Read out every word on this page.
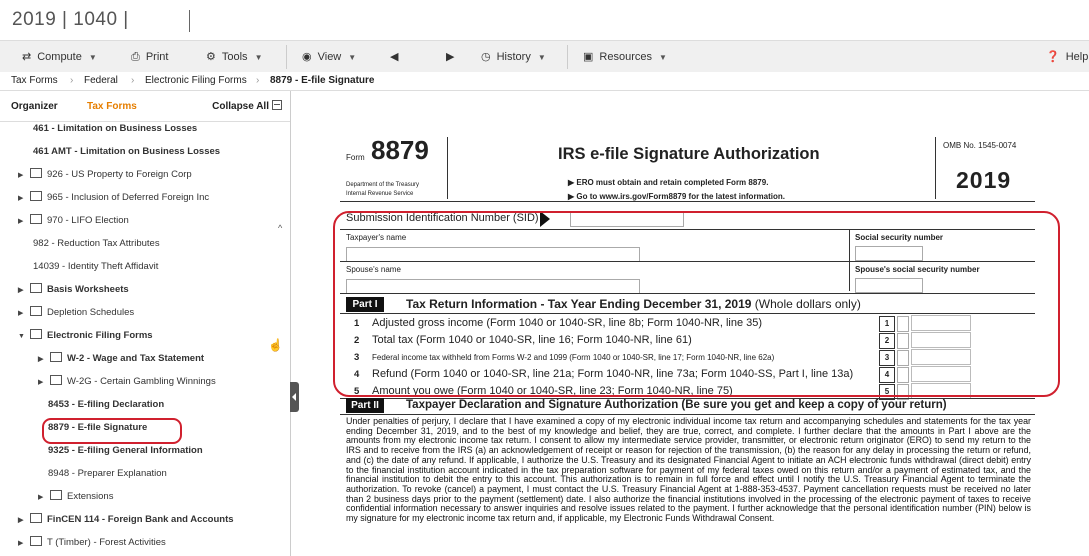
2019 | 1040 |
⇄ Compute ▼	⎙ Print	⚙ Tools ▼	◉ View ▼	◀	▶	◷ History ▼	▣ Resources ▼	❓ Help
Tax Forms › Federal › Electronic Filing Forms › 8879 - E-file Signature
Organizer	Tax Forms	Collapse All
461 - Limitation on Business Losses
461 AMT - Limitation on Business Losses
▶ 926 - US Property to Foreign Corp
▶ 965 - Inclusion of Deferred Foreign Inc
▶ 970 - LIFO Election
982 - Reduction Tax Attributes
14039 - Identity Theft Affidavit
▶ Basis Worksheets
▶ Depletion Schedules
▼ Electronic Filing Forms
▶ W-2 - Wage and Tax Statement
▶ W-2G - Certain Gambling Winnings
8453 - E-filing Declaration
8879 - E-file Signature
9325 - E-filing General Information
8948 - Preparer Explanation
▶ Extensions
▶ FinCEN 114 - Foreign Bank and Accounts
▶ T (Timber) - Forest Activities
^
☝
Form 8879
Department of the Treasury
Internal Revenue Service
IRS e-file Signature Authorization
▶ ERO must obtain and retain completed Form 8879.
▶ Go to www.irs.gov/Form8879 for the latest information.
OMB No. 1545-0074
2019
Submission Identification Number (SID)
Taxpayer's name	Social security number
Spouse's name	Spouse's social security number
Part I	Tax Return Information - Tax Year Ending December 31, 2019 (Whole dollars only)
1 Adjusted gross income (Form 1040 or 1040-SR, line 8b; Form 1040-NR, line 35)	1
2 Total tax (Form 1040 or 1040-SR, line 16; Form 1040-NR, line 61)	2
3 Federal income tax withheld from Forms W-2 and 1099 (Form 1040 or 1040-SR, line 17; Form 1040-NR, line 62a)	3
4 Refund (Form 1040 or 1040-SR, line 21a; Form 1040-NR, line 73a; Form 1040-SS, Part I, line 13a)	4
5 Amount you owe (Form 1040 or 1040-SR, line 23; Form 1040-NR, line 75)	5
Part II	Taxpayer Declaration and Signature Authorization (Be sure you get and keep a copy of your return)
Under penalties of perjury, I declare that I have examined a copy of my electronic individual income tax return and accompanying schedules and statements for the tax year ending December 31, 2019, and to the best of my knowledge and belief, they are true, correct, and complete. I further declare that the amounts in Part I above are the amounts from my electronic income tax return. I consent to allow my intermediate service provider, transmitter, or electronic return originator (ERO) to send my return to the IRS and to receive from the IRS (a) an acknowledgement of receipt or reason for rejection of the transmission, (b) the reason for any delay in processing the return or refund, and (c) the date of any refund. If applicable, I authorize the U.S. Treasury and its designated Financial Agent to initiate an ACH electronic funds withdrawal (direct debit) entry to the financial institution account indicated in the tax preparation software for payment of my federal taxes owed on this return and/or a payment of estimated tax, and the financial institution to debit the entry to this account. This authorization is to remain in full force and effect until I notify the U.S. Treasury Financial Agent to terminate the authorization. To revoke (cancel) a payment, I must contact the U.S. Treasury Financial Agent at 1-888-353-4537. Payment cancellation requests must be received no later than 2 business days prior to the payment (settlement) date. I also authorize the financial institutions involved in the processing of the electronic payment of taxes to receive confidential information necessary to answer inquiries and resolve issues related to the payment. I further acknowledge that the personal identification number (PIN) below is my signature for my electronic income tax return and, if applicable, my Electronic Funds Withdrawal Consent.
